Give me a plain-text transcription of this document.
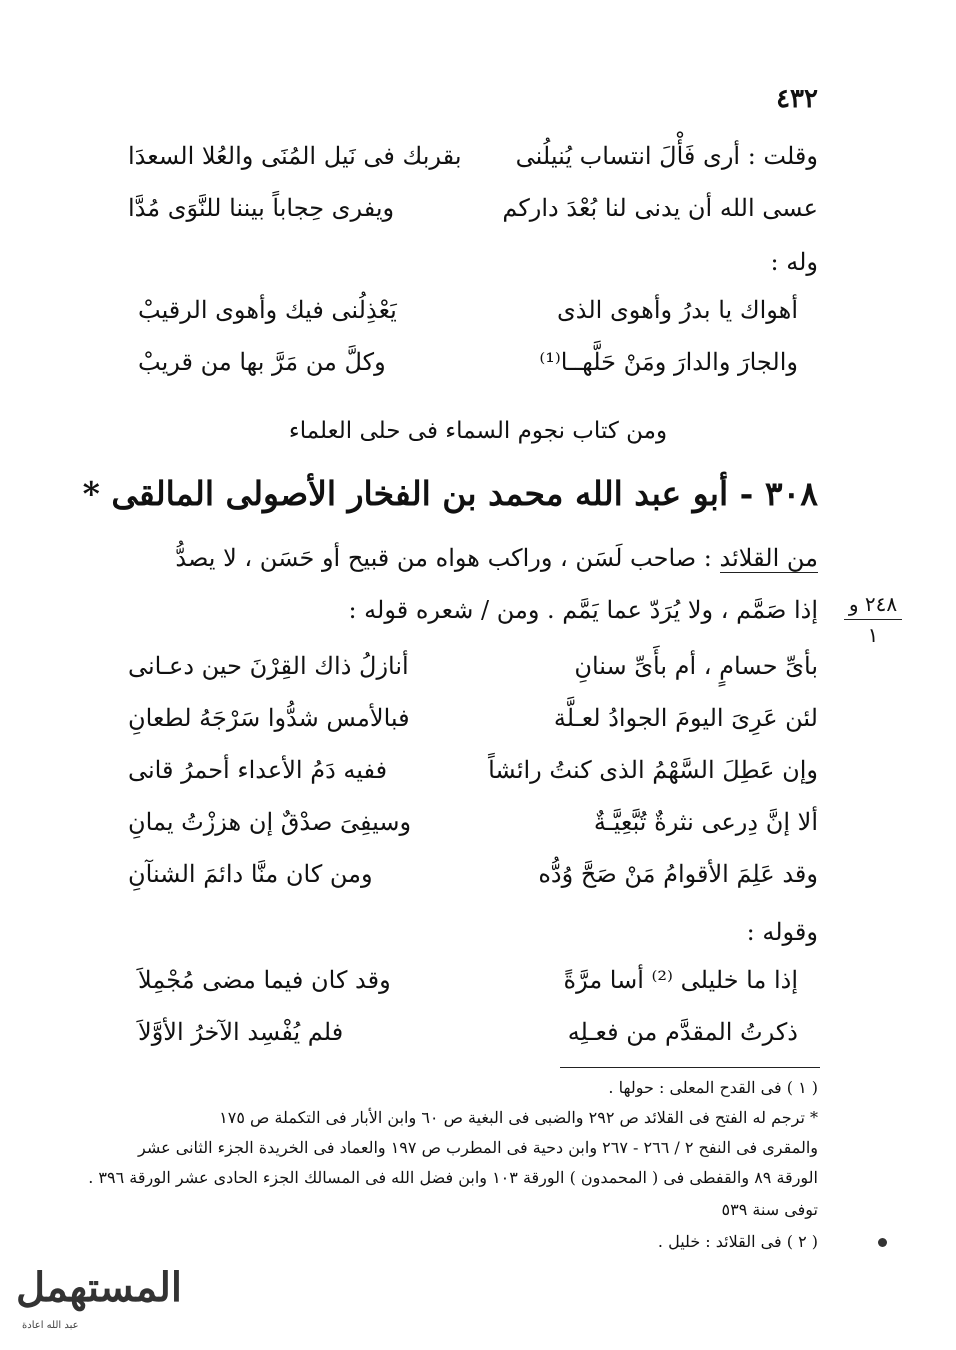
٤٣٢
وقلت : أرى فَأْلَ انتساب يُنيلُنى
بقربك فى نَيل المُنَى والعُلا السعدَا
عسى الله أن يدنى لنا بُعْدَ داركم
ويفرى حِجاباً بيننا للنَّوَى مُدَّا
وله :
أهواك يا بدرُ وأهوى الذى
يَعْذِلُنى فيك وأهوى الرقيبْ
والجارَ والدارَ ومَنْ حَلَّهــا⁽¹⁾
وكلَّ من مَرَّ بها من قريبْ
ومن كتاب نجوم السماء فى حلى العلماء
٣٠٨ - أبو عبد الله محمد بن الفخار الأصولى المالقى *
من القلائد : صاحب لَسَن ، وراكب هواه من قبيح أو حَسَن ، لا يصدُّ
إذا صَمَّم ، ولا يُرَدّ عما يَمَّم . ومن / شعره قوله :	٢٤٨ و
١
بأىِّ حسامٍ ، أم بأَىِّ سنانِ
أنازلُ ذاك القِرْنَ حين دعـانى
لئن عَرِىَ اليومَ الجوادُ لعـلَّة
فبالأمس شدُّوا سَرْجَهُ لطعانِ
وإن عَطِلَ السَّهْمُ الذى كنتُ رائشاً
ففيه دَمُ الأعداء أحمرُ قانى
ألا إنَّ دِرعى نثرةٌ تُبَّعِيَّـةٌ
وسيفِىَ صدْقٌ إن هززْتُ يمانِ
وقد عَلِمَ الأقوامُ مَنْ صَحَّ وُدُّه
ومن كان منَّا دائمَ الشنآنِ
وقوله :
إذا ما خليلى ⁽²⁾ أسا مرَّةً
وقد كان فيما مضى مُجْمِلاَ
ذكرتُ المقدَّم من فعـلِه
فلم يُفْسِد الآخرُ الأوَّلاَ
( ١ ) فى القدح المعلى : حولها .
* ترجم له الفتح فى القلائد ص ٢٩٢ والضبى فى البغية ص ٦٠ وابن الأبار فى التكملة ص ١٧٥
والمقرى فى النفح ٢ / ٢٦٦ - ٢٦٧ وابن دحية فى المطرب ص ١٩٧ والعماد فى الخريدة الجزء الثانى عشر
الورقة ٨٩ والقفطى فى ( المحمدون ) الورقة ١٠٣ وابن فضل الله فى المسالك الجزء الحادى عشر الورقة ٣٩٦ .
توفى سنة ٥٣٩
( ٢ ) فى القلائد : خليل .
المستهمل
عبد الله اعادة
